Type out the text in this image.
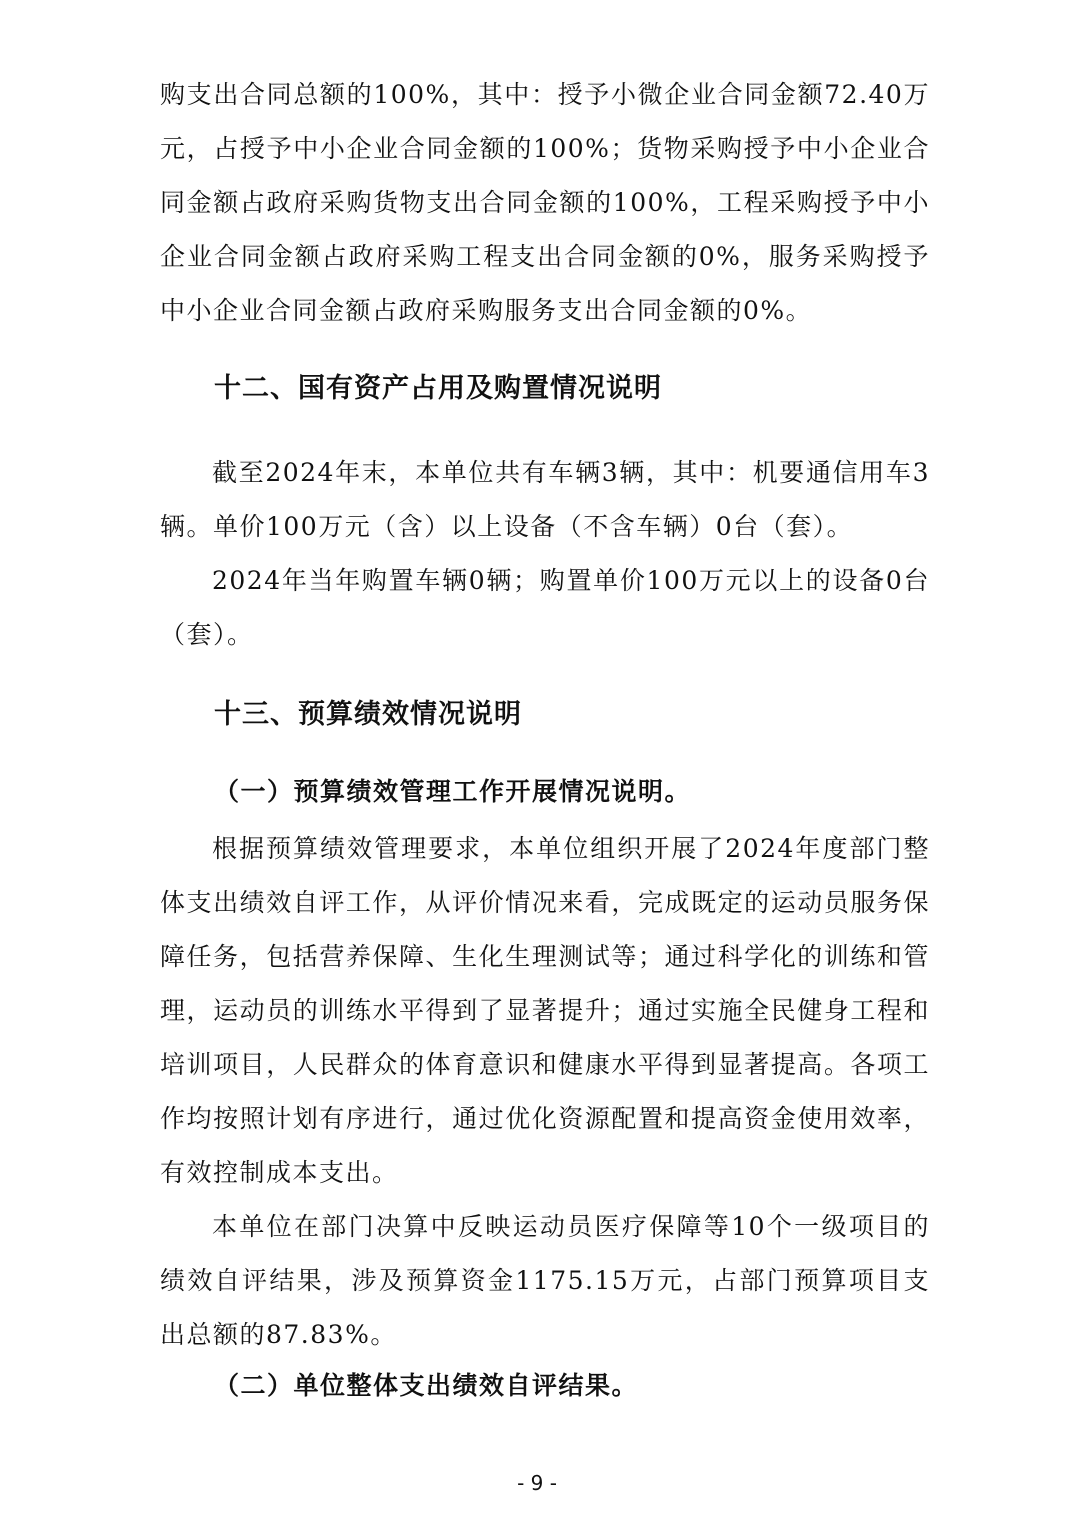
购支出合同总额的100%，其中：授予小微企业合同金额72.40万元，占授予中小企业合同金额的100%；货物采购授予中小企业合同金额占政府采购货物支出合同金额的100%，工程采购授予中小企业合同金额占政府采购工程支出合同金额的0%，服务采购授予中小企业合同金额占政府采购服务支出合同金额的0%。

十二、国有资产占用及购置情况说明

截至2024年末，本单位共有车辆3辆，其中：机要通信用车3辆。单价100万元（含）以上设备（不含车辆）0台（套）。

2024年当年购置车辆0辆；购置单价100万元以上的设备0台（套）。

十三、预算绩效情况说明
（一）预算绩效管理工作开展情况说明。

根据预算绩效管理要求，本单位组织开展了2024年度部门整体支出绩效自评工作，从评价情况来看，完成既定的运动员服务保障任务，包括营养保障、生化生理测试等；通过科学化的训练和管理，运动员的训练水平得到了显著提升；通过实施全民健身工程和培训项目，人民群众的体育意识和健康水平得到显著提高。各项工作均按照计划有序进行，通过优化资源配置和提高资金使用效率，有效控制成本支出。

本单位在部门决算中反映运动员医疗保障等10个一级项目的绩效自评结果，涉及预算资金1175.15万元，占部门预算项目支出总额的87.83%。

（二）单位整体支出绩效自评结果。
- 9 -
